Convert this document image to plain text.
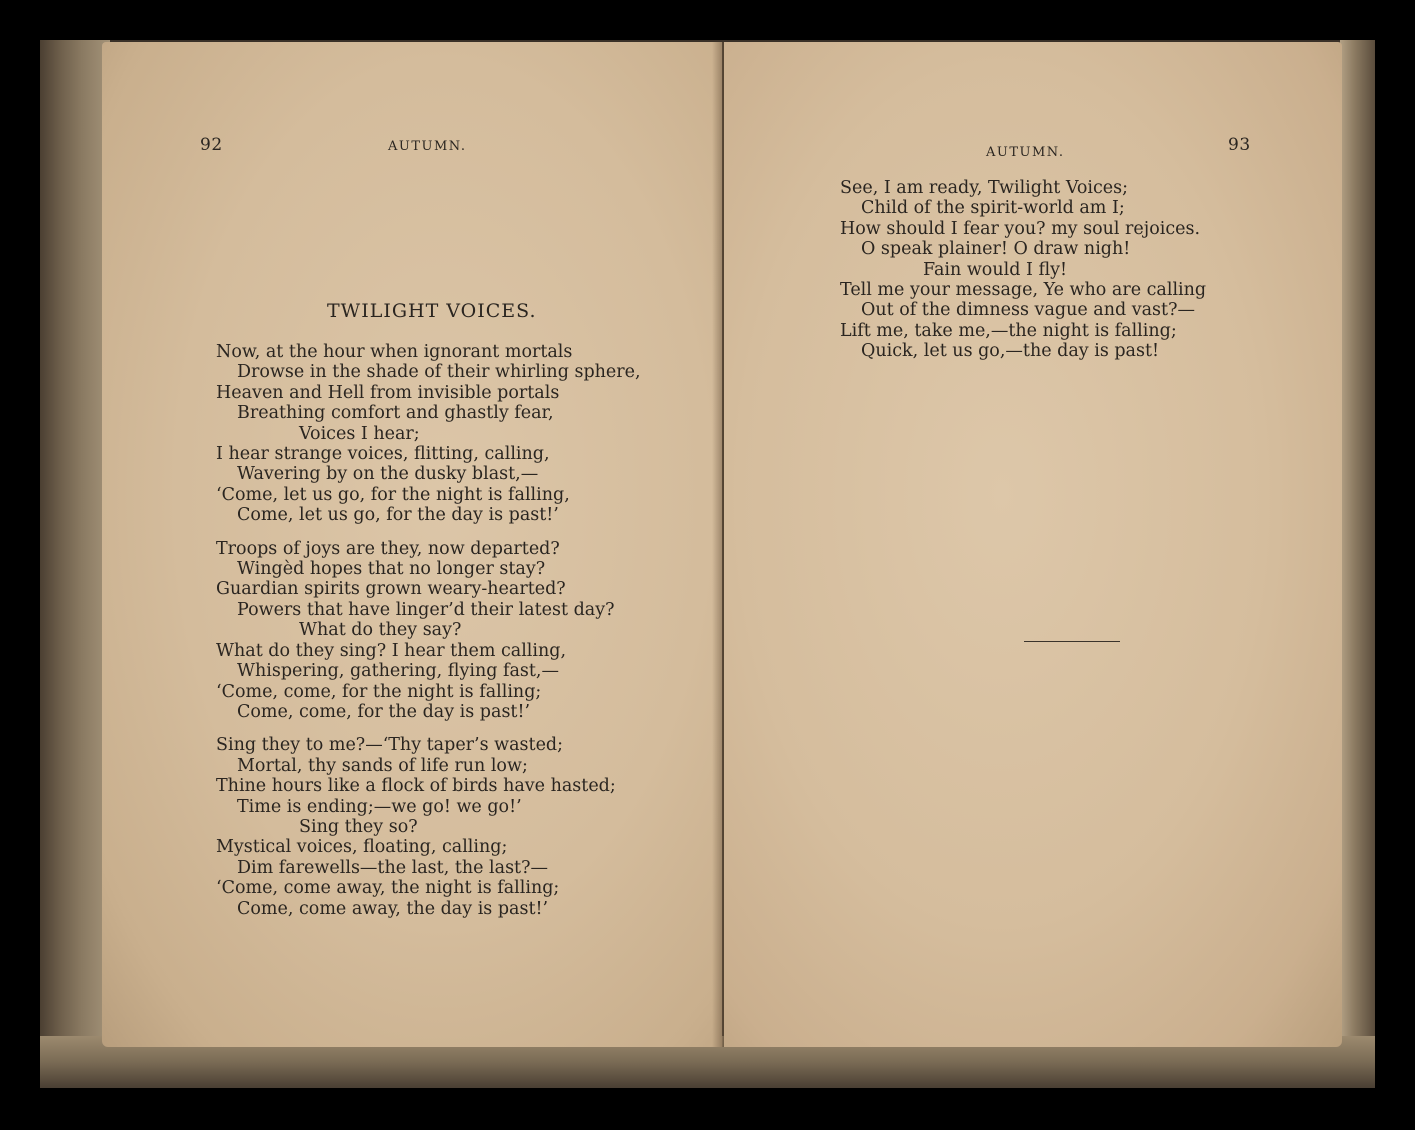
92	AUTUMN.
TWILIGHT VOICES.
Now, at the hour when ignorant mortals
Drowse in the shade of their whirling sphere,
Heaven and Hell from invisible portals
Breathing comfort and ghastly fear,
Voices I hear;
I hear strange voices, flitting, calling,
Wavering by on the dusky blast,—
‘Come, let us go, for the night is falling,
Come, let us go, for the day is past!’
Troops of joys are they, now departed?
Wingèd hopes that no longer stay?
Guardian spirits grown weary-hearted?
Powers that have linger’d their latest day?
What do they say?
What do they sing? I hear them calling,
Whispering, gathering, flying fast,—
‘Come, come, for the night is falling;
Come, come, for the day is past!’
Sing they to me?—‘Thy taper’s wasted;
Mortal, thy sands of life run low;
Thine hours like a flock of birds have hasted;
Time is ending;—we go! we go!’
Sing they so?
Mystical voices, floating, calling;
Dim farewells—the last, the last?—
‘Come, come away, the night is falling;
Come, come away, the day is past!’
AUTUMN.	93
See, I am ready, Twilight Voices;
Child of the spirit-world am I;
How should I fear you? my soul rejoices.
O speak plainer! O draw nigh!
Fain would I fly!
Tell me your message, Ye who are calling
Out of the dimness vague and vast?—
Lift me, take me,—the night is falling;
Quick, let us go,—the day is past!
